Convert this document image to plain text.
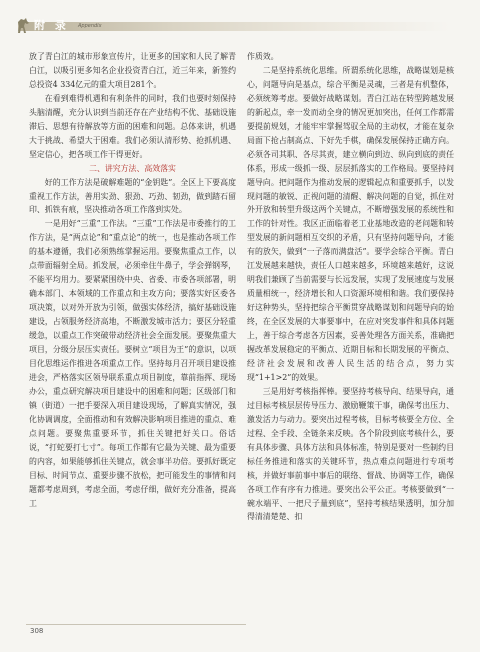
附 录 Appendix

放了青白江的城市形象宣传片，让更多的国家和人民了解青白江，以吸引更多知名企业投资青白江，近三年来，新签约总投资4 334亿元的重大项目281个。

在看到难得机遇和有利条件的同时，我们也要时刻保持头脑清醒，充分认识到当前还存在产业结构不优、基础设施滞后、思想有待解放等方面的困难和问题。总体来讲，机遇大于挑战、希望大于困难。我们必须认清形势、抢抓机遇、坚定信心，把各项工作干得更好。

二、讲究方法、高效落实

好的工作方法是破解难题的“金钥匙”。全区上下要高度重视工作方法，善用实劲、狠劲、巧劲、韧劲，做到踏石留印、抓铁有痕，坚决推动各项工作落到实处。

一是用好“三重”工作法。“三重”工作法是市委推行的工作方法，是“两点论”和“重点论”的统一，也是推动各项工作的基本遵循，我们必须熟练掌握运用。要聚焦重点工作，以点带面辐射全局。抓发展，必须牵住牛鼻子，学会弹钢琴，不能平均用力。要紧紧围绕中央、省委、市委各项部署，明确本部门、本领域的工作重点和主攻方向；要落实好区委各项决策，以对外开放为引领，做强实体经济，搞好基础设施建设，占领服务经济高地，不断激发城市活力；要区分轻重缓急，以重点工作突破带动经济社会全面发展。要聚焦重大项目，分级分层压实责任。要树立“项目为王”的意识，以项目化思维运作推进各项重点工作。坚持每月召开项目建设推进会，严格落实区领导联系重点项目制度，靠前指挥、现场办公，重点研究解决项目建设中的困难和问题；区级部门和镇（街道）一把手要深入项目建设现场，了解真实情况，强化协调调度，全面推动和有效解决影响项目推进的重点、难点问题。要聚焦重要环节，抓住关键把好关口。俗话说，“打蛇要打七寸”。每项工作都有它最为关键、最为重要的内容，如果能够抓住关键点，就会事半功倍。要抓好既定目标、时间节点、重要步骤不放松，把可能发生的事情和问题都考虑周到，考虑全面，考虑仔细，做好充分准备，提高工

作质效。

二是坚持系统化思维。所谓系统化思维，战略谋划是核心，问题导向是基点，综合平衡是灵魂，三者是有机整体，必须统筹考虑。要做好战略谋划。青白江站在转型跨越发展的新起点，牵一发而动全身的情况更加突出，任何工作都需要提前规划，才能牢牢掌握驾驭全局的主动权，才能在复杂局面下抢占制高点、下好先手棋，确保发展保持正确方向。必须各司其职、各尽其责，建立横向到边、纵向到底的责任体系，形成一级抓一级、层层抓落实的工作格局。要坚持问题导向。把问题作为推动发展的逻辑起点和重要抓手，以发现问题的敏锐、正视问题的清醒、解决问题的自觉，抓住对外开放和转型升级这两个关键点，不断增强发展的系统性和工作的针对性。我区正面临着老工业基地改造的老问题和转型发展的新问题相互交织的矛盾，只有坚持问题导向，才能有的放矢，做到“一子落而满盘活”。要学会综合平衡。青白江发展越来越快，责任人口越来越多，环境越来越好，这说明我们兼顾了当前需要与长远发展，实现了发展速度与发展质量相统一，经济增长和人口资源环境相和谐。我们要保持好这种势头，坚持把综合平衡贯穿战略谋划和问题导向的始终，在全区发展的大事要事中，在应对突发事件和具体问题上，善于综合考虑各方因素，妥善处理各方面关系，准确把握改革发展稳定的平衡点、近期目标和长期发展的平衡点、经济社会发展和改善人民生活的结合点，努力实现“1+1>2”的效果。

三是用好考核指挥棒。要坚持考核导向、结果导向，通过目标考核层层传导压力、激励鞭策干事，确保考出压力、激发活力与动力。要突出过程考核，目标考核要全方位、全过程、全手段、全链条来反映。各个阶段到底考核什么，要有具体步骤、具体方法和具体标准，特别是要对一些制约目标任务推进和落实的关键环节，热点难点问题进行专项考核，并做好事前事中事后的联络、督战、协调等工作，确保各项工作有序有力推进。要突出公平公正。考核要做到“一碗水端平、一把尺子量到底”，坚持考核结果透明，加分加得清清楚楚、扣

308
